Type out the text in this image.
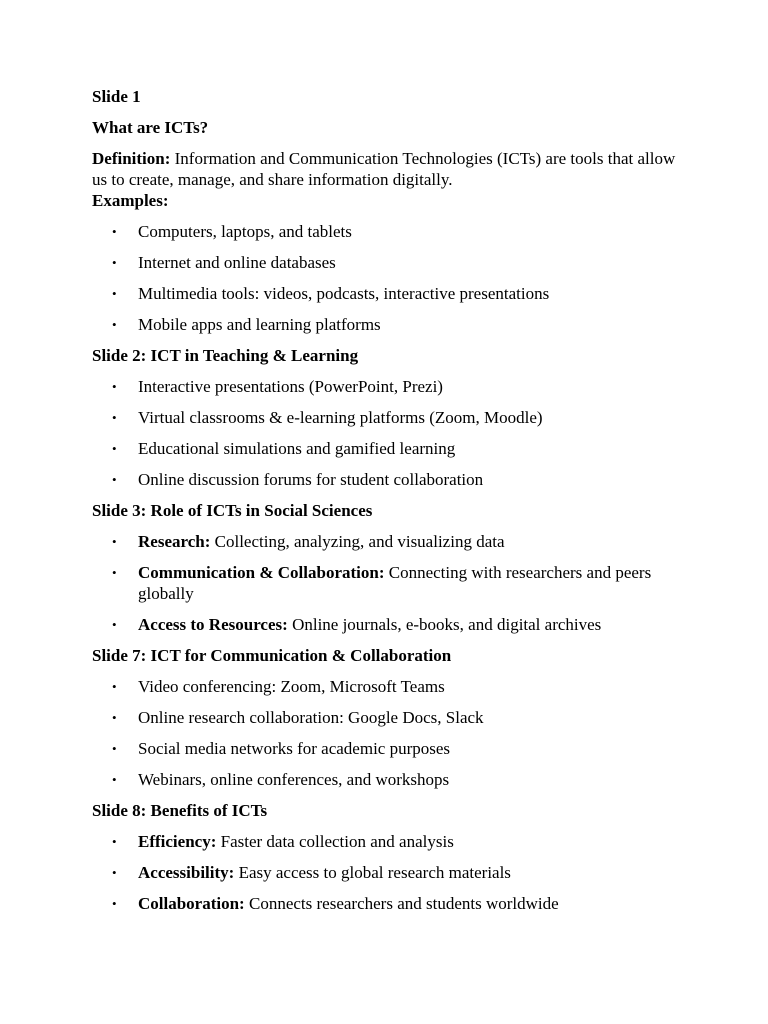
Slide 1

What are ICTs?

Definition: Information and Communication Technologies (ICTs) are tools that allow us to create, manage, and share information digitally.

Examples:

• Computers, laptops, and tablets
• Internet and online databases
• Multimedia tools: videos, podcasts, interactive presentations
• Mobile apps and learning platforms

Slide 2: ICT in Teaching & Learning

• Interactive presentations (PowerPoint, Prezi)
• Virtual classrooms & e-learning platforms (Zoom, Moodle)
• Educational simulations and gamified learning
• Online discussion forums for student collaboration

Slide 3: Role of ICTs in Social Sciences

• Research: Collecting, analyzing, and visualizing data
• Communication & Collaboration: Connecting with researchers and peers globally
• Access to Resources: Online journals, e-books, and digital archives

Slide 7: ICT for Communication & Collaboration

• Video conferencing: Zoom, Microsoft Teams
• Online research collaboration: Google Docs, Slack
• Social media networks for academic purposes
• Webinars, online conferences, and workshops

Slide 8: Benefits of ICTs

• Efficiency: Faster data collection and analysis
• Accessibility: Easy access to global research materials
• Collaboration: Connects researchers and students worldwide
